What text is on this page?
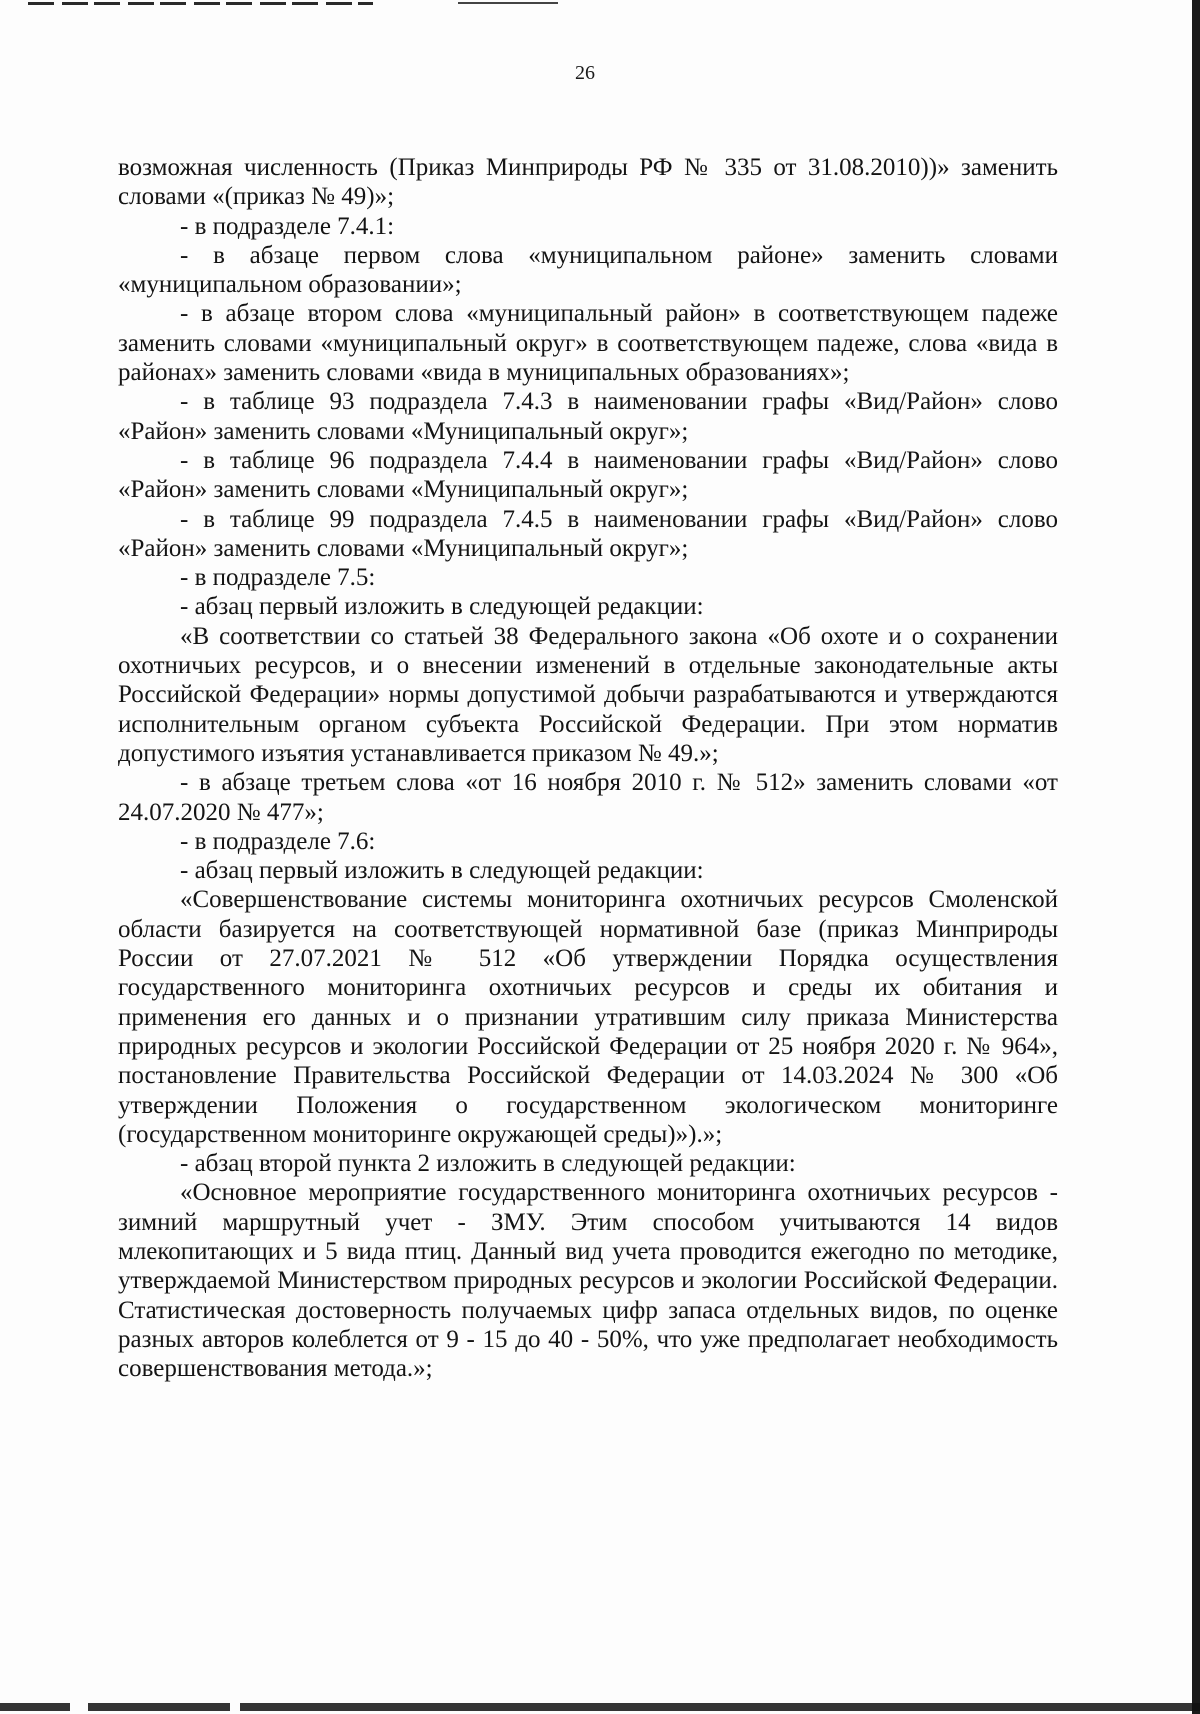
26

возможная численность (Приказ Минприроды РФ № 335 от 31.08.2010))» заменить словами «(приказ № 49)»;

- в подразделе 7.4.1:

- в абзаце первом слова «муниципальном районе» заменить словами «муниципальном образовании»;

- в абзаце втором слова «муниципальный район» в соответствующем падеже заменить словами «муниципальный округ» в соответствующем падеже, слова «вида в районах» заменить словами «вида в муниципальных образованиях»;

- в таблице 93 подраздела 7.4.3 в наименовании графы «Вид/Район» слово «Район» заменить словами «Муниципальный округ»;

- в таблице 96 подраздела 7.4.4 в наименовании графы «Вид/Район» слово «Район» заменить словами «Муниципальный округ»;

- в таблице 99 подраздела 7.4.5 в наименовании графы «Вид/Район» слово «Район» заменить словами «Муниципальный округ»;

- в подразделе 7.5:

- абзац первый изложить в следующей редакции:

«В соответствии со статьей 38 Федерального закона «Об охоте и о сохранении охотничьих ресурсов, и о внесении изменений в отдельные законодательные акты Российской Федерации» нормы допустимой добычи разрабатываются и утверждаются исполнительным органом субъекта Российской Федерации. При этом норматив допустимого изъятия устанавливается приказом № 49.»;

- в абзаце третьем слова «от 16 ноября 2010 г. № 512» заменить словами «от 24.07.2020 № 477»;

- в подразделе 7.6:

- абзац первый изложить в следующей редакции:

«Совершенствование системы мониторинга охотничьих ресурсов Смоленской области базируется на соответствующей нормативной базе (приказ Минприроды России от 27.07.2021 № 512 «Об утверждении Порядка осуществления государственного мониторинга охотничьих ресурсов и среды их обитания и применения его данных и о признании утратившим силу приказа Министерства природных ресурсов и экологии Российской Федерации от 25 ноября 2020 г. № 964», постановление Правительства Российской Федерации от 14.03.2024 № 300 «Об утверждении Положения о государственном экологическом мониторинге (государственном мониторинге окружающей среды)»).»;

- абзац второй пункта 2 изложить в следующей редакции:

«Основное мероприятие государственного мониторинга охотничьих ресурсов - зимний маршрутный учет - ЗМУ. Этим способом учитываются 14 видов млекопитающих и 5 вида птиц. Данный вид учета проводится ежегодно по методике, утверждаемой Министерством природных ресурсов и экологии Российской Федерации. Статистическая достоверность получаемых цифр запаса отдельных видов, по оценке разных авторов колеблется от 9 - 15 до 40 - 50%, что уже предполагает необходимость совершенствования метода.»;
